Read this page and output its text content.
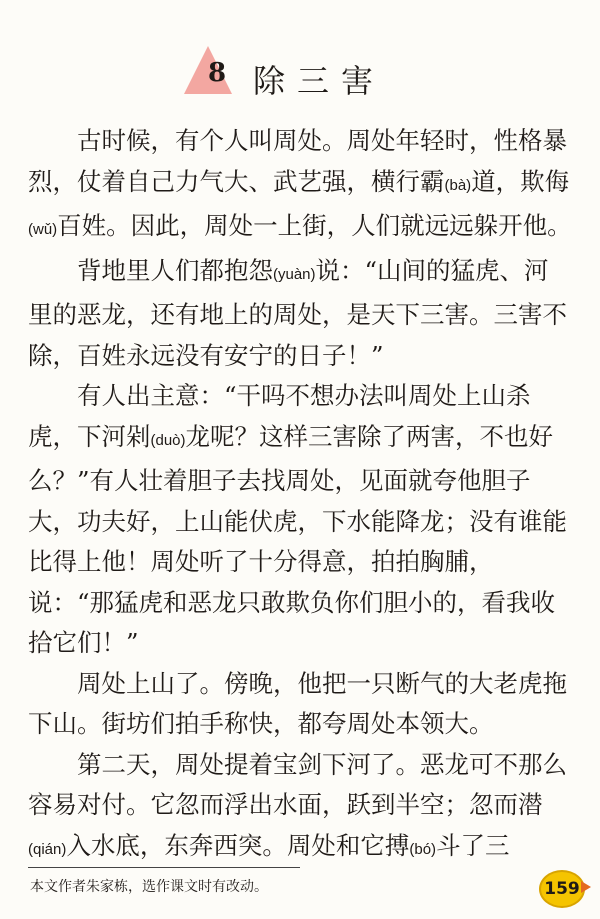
8 除三害

古时候，有个人叫周处。周处年轻时，性格暴烈，仗着自己力气大、武艺强，横行霸(bà)道，欺侮(wǔ)百姓。因此，周处一上街，人们就远远躲开他。

背地里人们都抱怨(yuàn)说：“山间的猛虎、河里的恶龙，还有地上的周处，是天下三害。三害不除，百姓永远没有安宁的日子！”

有人出主意：“干吗不想办法叫周处上山杀虎，下河剁(duò)龙呢？这样三害除了两害，不也好么？”有人壮着胆子去找周处，见面就夸他胆子大，功夫好，上山能伏虎，下水能降龙；没有谁能比得上他！周处听了十分得意，拍拍胸脯，说：“那猛虎和恶龙只敢欺负你们胆小的，看我收拾它们！”

周处上山了。傍晚，他把一只断气的大老虎拖下山。街坊们拍手称快，都夸周处本领大。

第二天，周处提着宝剑下河了。恶龙可不那么容易对付。它忽而浮出水面，跃到半空；忽而潜(qián)入水底，东奔西突。周处和它搏(bó)斗了三

本文作者朱家栋，选作课文时有改动。	159
